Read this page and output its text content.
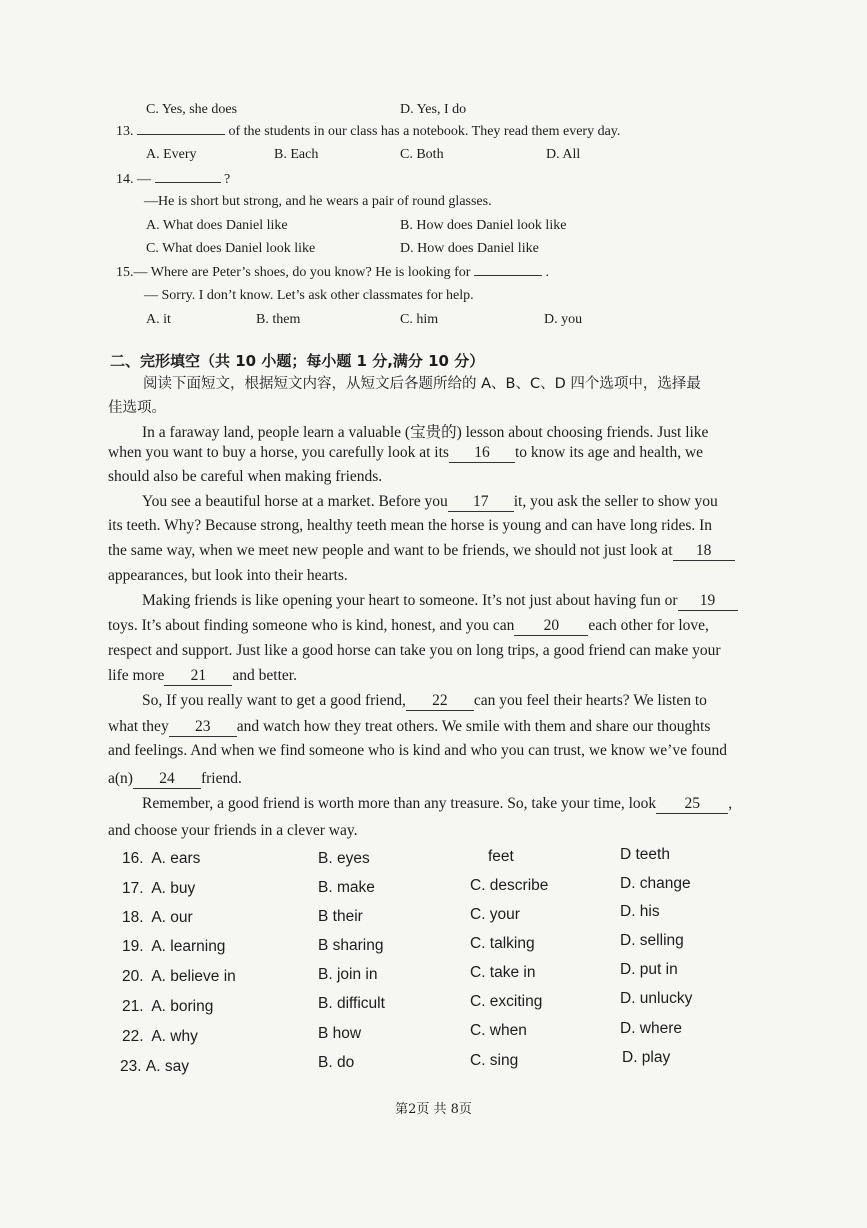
C. Yes, she does	D. Yes, I do
13.	of the students in our class has a notebook. They read them every day.
A. Every	B. Each	C. Both	D. All
14. —	?
—He is short but strong, and he wears a pair of round glasses.
A. What does Daniel like	B. How does Daniel look like
C. What does Daniel look like	D. How does Daniel like
15.— Where are Peter’s shoes, do you know? He is looking for	.
— Sorry. I don’t know. Let’s ask other classmates for help.
A. it	B. them	C. him	D. you
二、完形填空（共 10 小题；每小题 1 分,满分 10 分）
阅读下面短文，根据短文内容，从短文后各题所给的 A、B、C、D 四个选项中，选择最
佳选项。
In a faraway land, people learn a valuable (宝贵的) lesson about choosing friends. Just like
when you want to buy a horse, you carefully look at its 16 to know its age and health, we
should also be careful when making friends.
You see a beautiful horse at a market. Before you 17 it, you ask the seller to show you
its teeth. Why? Because strong, healthy teeth mean the horse is young and can have long rides. In
the same way, when we meet new people and want to be friends, we should not just look at 18
appearances, but look into their hearts.
Making friends is like opening your heart to someone. It’s not just about having fun or 19
toys. It’s about finding someone who is kind, honest, and you can 20 each other for love,
respect and support. Just like a good horse can take you on long trips, a good friend can make your
life more 21 and better.
So, If you really want to get a good friend, 22 can you feel their hearts? We listen to
what they 23 and watch how they treat others. We smile with them and share our thoughts
and feelings. And when we find someone who is kind and who you can trust, we know we’ve found
a(n) 24 friend.
Remember, a good friend is worth more than any treasure. So, take your time, look 25 ,
and choose your friends in a clever way.
16. A. ears	B. eyes	feet	D teeth
17. A. buy	B. make	C. describe	D. change
18. A. our	B their	C. your	D. his
19. A. learning	B sharing	C. talking	D. selling
20. A. believe in	B. join in	C. take in	D. put in
21. A. boring	B. difficult	C. exciting	D. unlucky
22. A. why	B how	C. when	D. where
23. A. say	B. do	C. sing	D. play
第2页 共 8页
